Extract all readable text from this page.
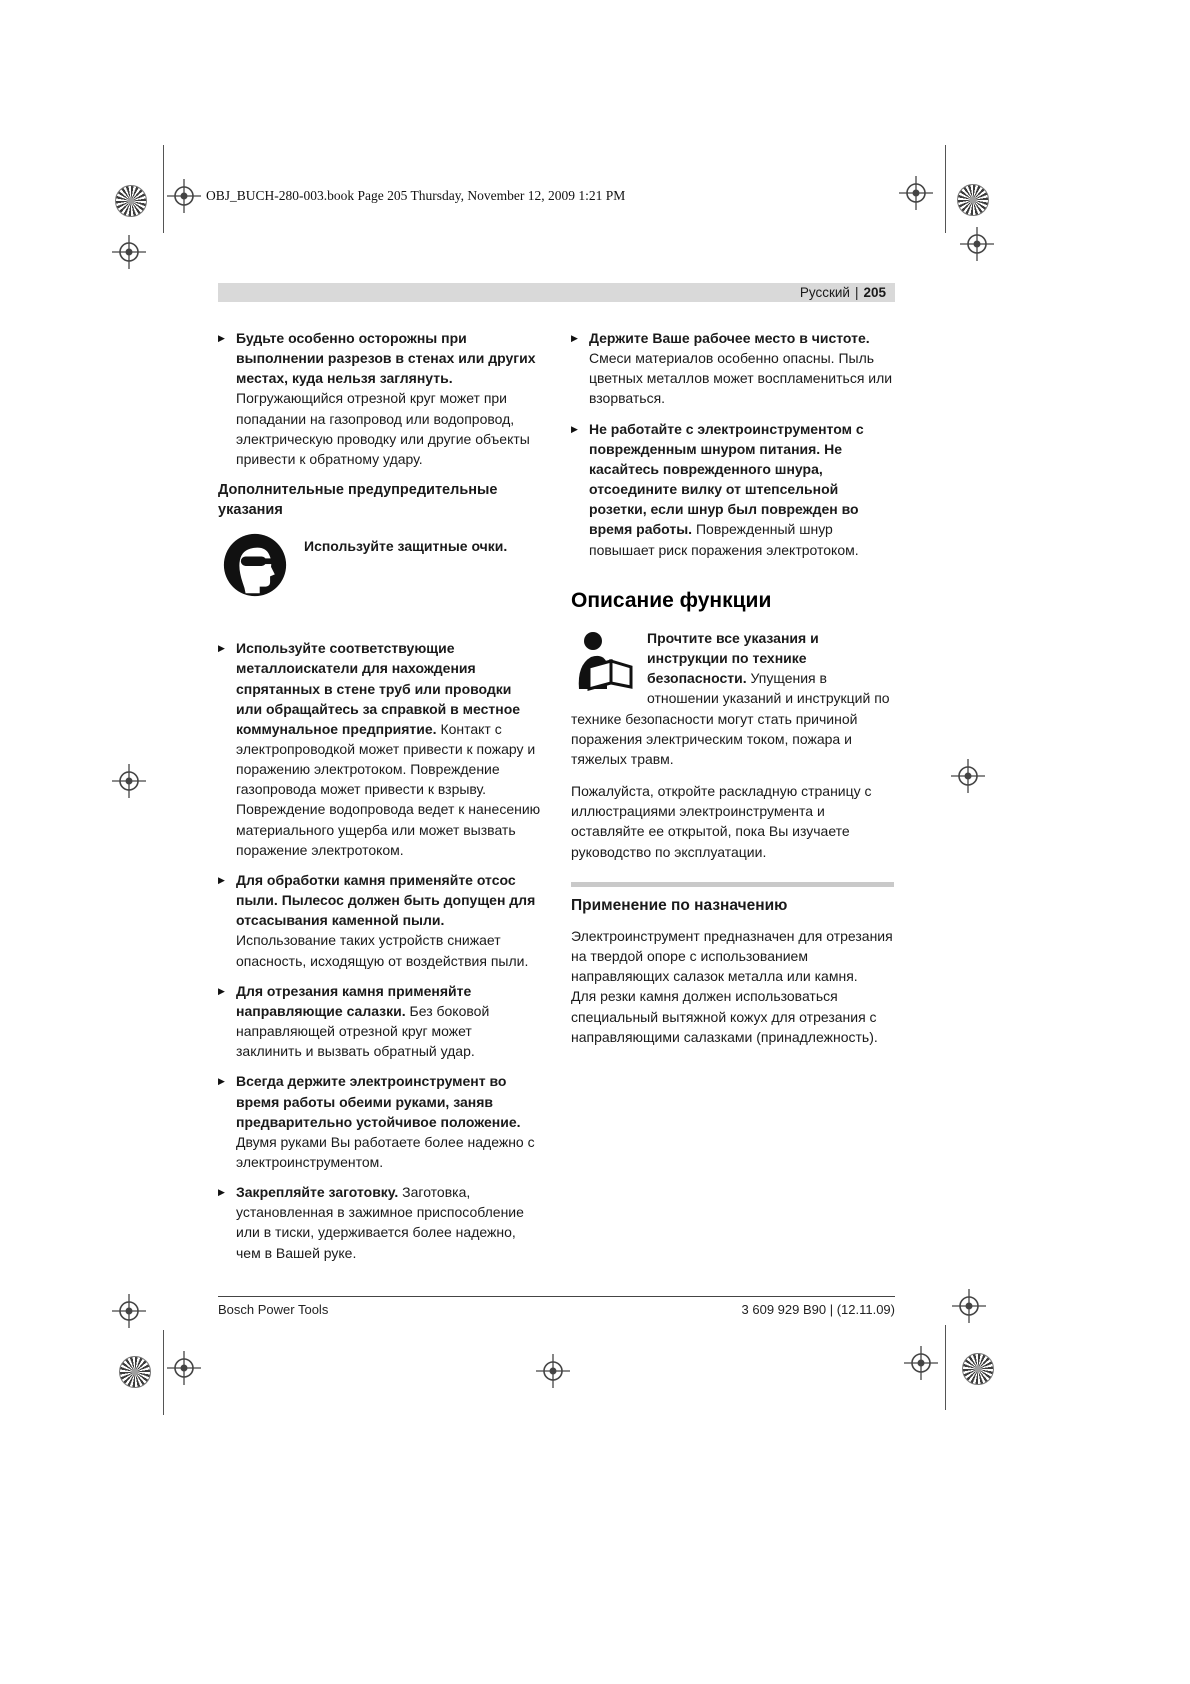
OBJ_BUCH-280-003.book Page 205 Thursday, November 12, 2009 1:21 PM
Русский | 205
▶ Будьте особенно осторожны при выполнении разрезов в стенах или других местах, куда нельзя заглянуть. Погружающийся отрезной круг может при попадании на газопровод или водопровод, электрическую проводку или другие объекты привести к обратному удару.
Дополнительные предупредительные указания
Используйте защитные очки.
▶ Используйте соответствующие металлоискатели для нахождения спрятанных в стене труб или проводки или обращайтесь за справкой в местное коммунальное предприятие. Контакт с электропроводкой может привести к пожару и поражению электротоком. Повреждение газопровода может привести к взрыву. Повреждение водопровода ведет к нанесению материального ущерба или может вызвать поражение электротоком.
▶ Для обработки камня применяйте отсос пыли. Пылесос должен быть допущен для отсасывания каменной пыли. Использование таких устройств снижает опасность, исходящую от воздействия пыли.
▶ Для отрезания камня применяйте направляющие салазки. Без боковой направляющей отрезной круг может заклинить и вызвать обратный удар.
▶ Всегда держите электроинструмент во время работы обеими руками, заняв предварительно устойчивое положение. Двумя руками Вы работаете более надежно с электроинструментом.
▶ Закрепляйте заготовку. Заготовка, установленная в зажимное приспособление или в тиски, удерживается более надежно, чем в Вашей руке.
▶ Держите Ваше рабочее место в чистоте. Смеси материалов особенно опасны. Пыль цветных металлов может воспламениться или взорваться.
▶ Не работайте с электроинструментом с поврежденным шнуром питания. Не касайтесь поврежденного шнура, отсоедините вилку от штепсельной розетки, если шнур был поврежден во время работы. Поврежденный шнур повышает риск поражения электротоком.
Описание функции
Прочтите все указания и инструкции по технике безопасности. Упущения в отношении указаний и инструкций по технике безопасности могут стать причиной поражения электрическим током, пожара и тяжелых травм.
Пожалуйста, откройте раскладную страницу с иллюстрациями электроинструмента и оставляйте ее открытой, пока Вы изучаете руководство по эксплуатации.
Применение по назначению
Электроинструмент предназначен для отрезания на твердой опоре с использованием направляющих салазок металла или камня.
Для резки камня должен использоваться специальный вытяжной кожух для отрезания с направляющими салазками (принадлежность).
Bosch Power Tools	3 609 929 B90 | (12.11.09)
